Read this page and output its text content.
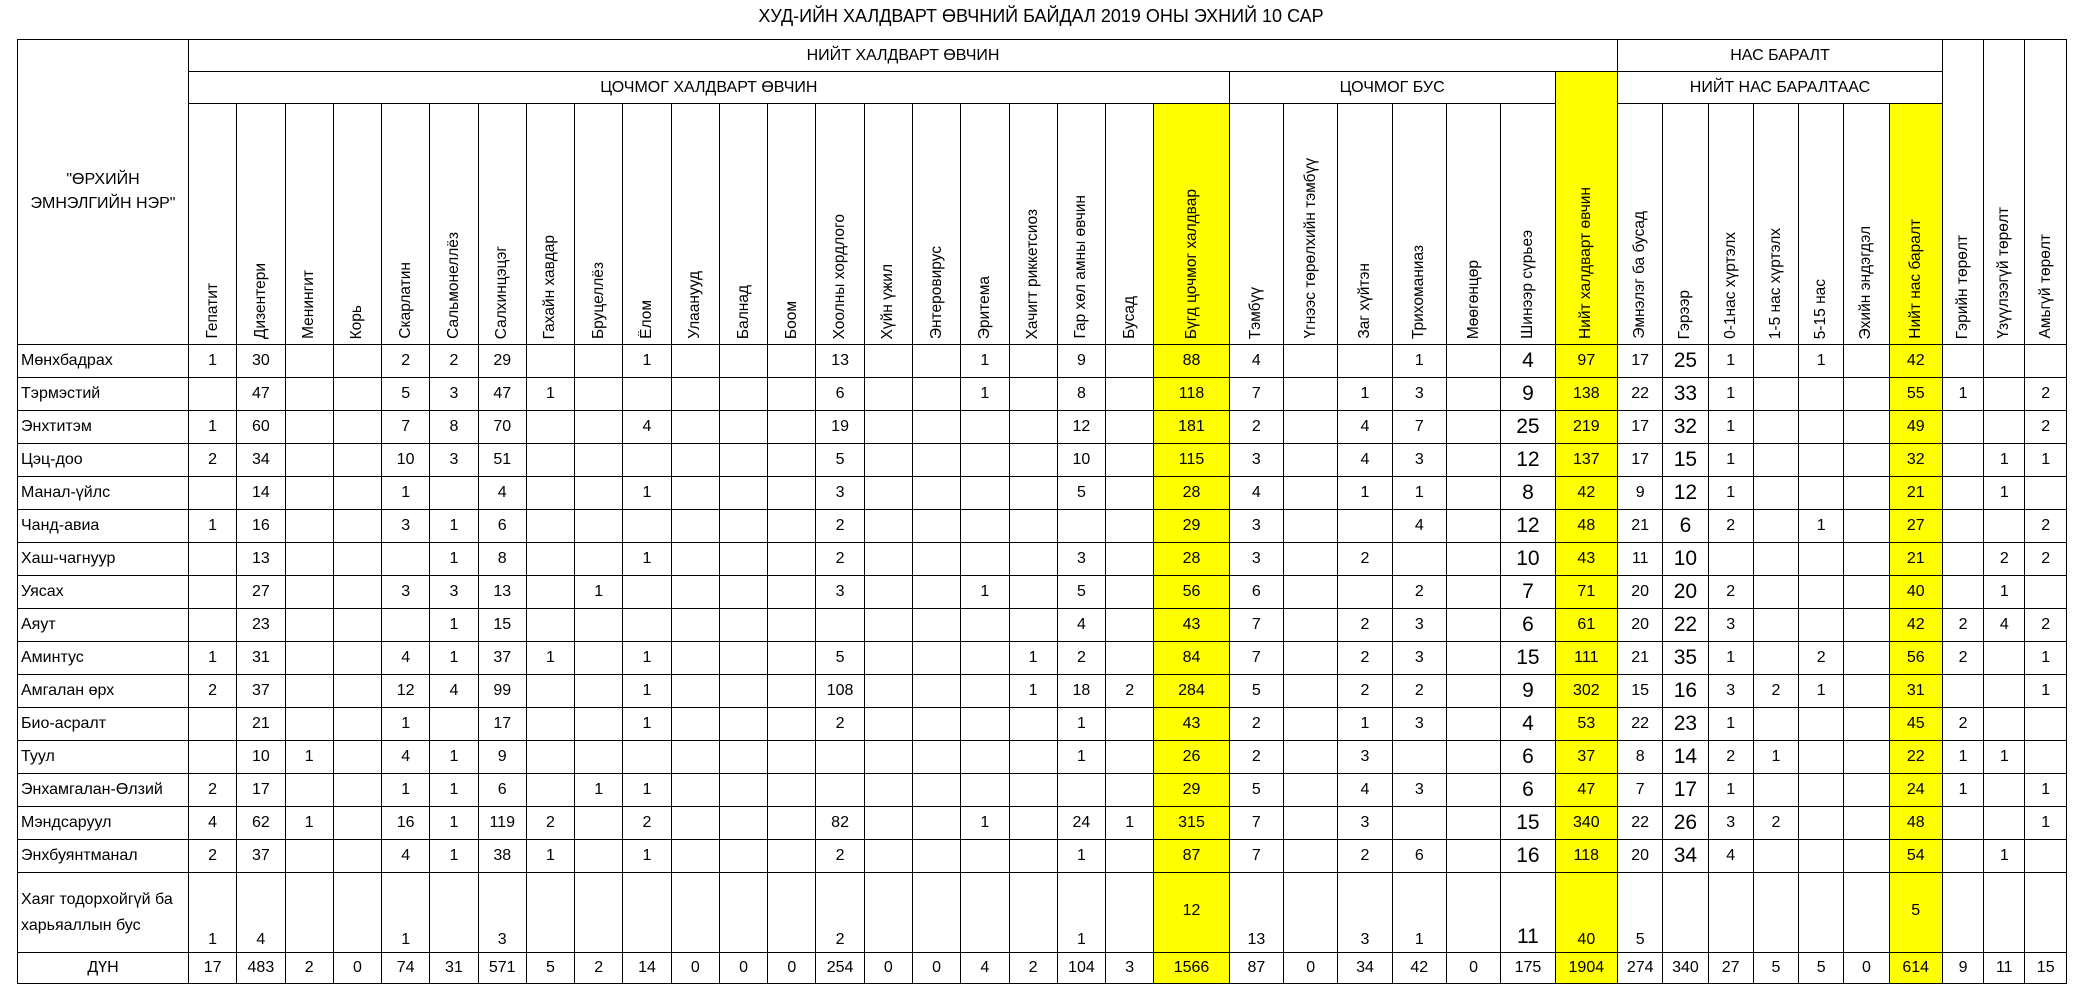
ХУД-ИЙН ХАЛДВАРТ ӨВЧНИЙ БАЙДАЛ 2019 ОНЫ ЭХНИЙ 10 САР
"ӨРХИЙН ЭМНЭЛГИЙН НЭР"	НИЙТ ХАЛДВАРТ ӨВЧИН																												НАС БАРАЛТ							Гэрийн төрөлт	Үзүүлээгүй төрөлт	Амьгүй төрөлт
	ЦОЧМОГ ХАЛДВАРТ ӨВЧИН																					ЦОЧМОГ БУС						Нийт халдварт өвчин	НИЙТ НАС БАРАЛТААС									
	Гепатит	Дизентери	Менингит	Корь	Скарлатин	Сальмонеллёз	Салхинцэцэг	Гахайн хавдар	Бруцеллёз	Ёлом	Улаанууд	Балнад	Боом	Хоолны хордлого	Хүйн үжил	Энтеровирус	Эритема	Хачигт риккетсиоз	Гар хөл амны өвчин	Бусад	Бүгд цочмог халдвар	Тэмбүү	Үгнээс төрөлхийн тэмбүү	Заг хүйтэн	Трихоманиаз	Мөөгөнцөр	Шинээр сүрьеэ		Эмнэлэг ба бусад	Гэрээр	0-1нас хүртэлх	1-5 нас хүртэлх	5-15 нас	Эхийн эндэгдэл	Нийт нас баралт			
Мөнхбадрах	1	30			2	2	29			1				13			1		9		88	4			1		4	97	17	25	1		1		42			
Тэрмэстий		47			5	3	47	1						6			1		8		118	7		1	3		9	138	22	33	1				55	1		2
Энхтитэм	1	60			7	8	70			4				19					12		181	2		4	7		25	219	17	32	1				49			2
Цэц-доо	2	34			10	3	51							5					10		115	3		4	3		12	137	17	15	1				32		1	1
Манал-үйлс		14			1		4			1				3					5		28	4		1	1		8	42	9	12	1				21		1	
Чанд-авиа	1	16			3	1	6							2							29	3			4		12	48	21	6	2		1		27			2
Хаш-чагнуур		13				1	8			1				2					3		28	3		2			10	43	11	10					21		2	2
Уясах		27			3	3	13		1					3			1		5		56	6			2		7	71	20	20	2				40		1	
Аяут		23				1	15												4		43	7		2	3		6	61	20	22	3				42	2	4	2
Аминтус	1	31			4	1	37	1		1				5				1	2		84	7		2	3		15	111	21	35	1		2		56	2		1
Амгалан өрх	2	37			12	4	99			1				108				1	18	2	284	5		2	2		9	302	15	16	3	2	1		31			1
Био-асралт		21			1		17			1				2					1		43	2		1	3		4	53	22	23	1				45	2		
Туул		10	1		4	1	9												1		26	2		3			6	37	8	14	2	1			22	1	1	
Энхамгалан-Өлзий	2	17			1	1	6		1	1											29	5		4	3		6	47	7	17	1				24	1		1
Мэндсаруул	4	62	1		16	1	119	2		2				82			1		24	1	315	7		3			15	340	22	26	3	2			48			1
Энхбуянтманал	2	37			4	1	38	1		1				2					1		87	7		2	6		16	118	20	34	4				54		1	
Хаяг тодорхойгүй ба харьяаллын бус	1	4			1		3							2					1		12	13		3	1		11	40	5						5			
ДҮН	17	483	2	0	74	31	571	5	2	14	0	0	0	254	0	0	4	2	104	3	1566	87	0	34	42	0	175	1904	274	340	27	5	5	0	614	9	11	15
